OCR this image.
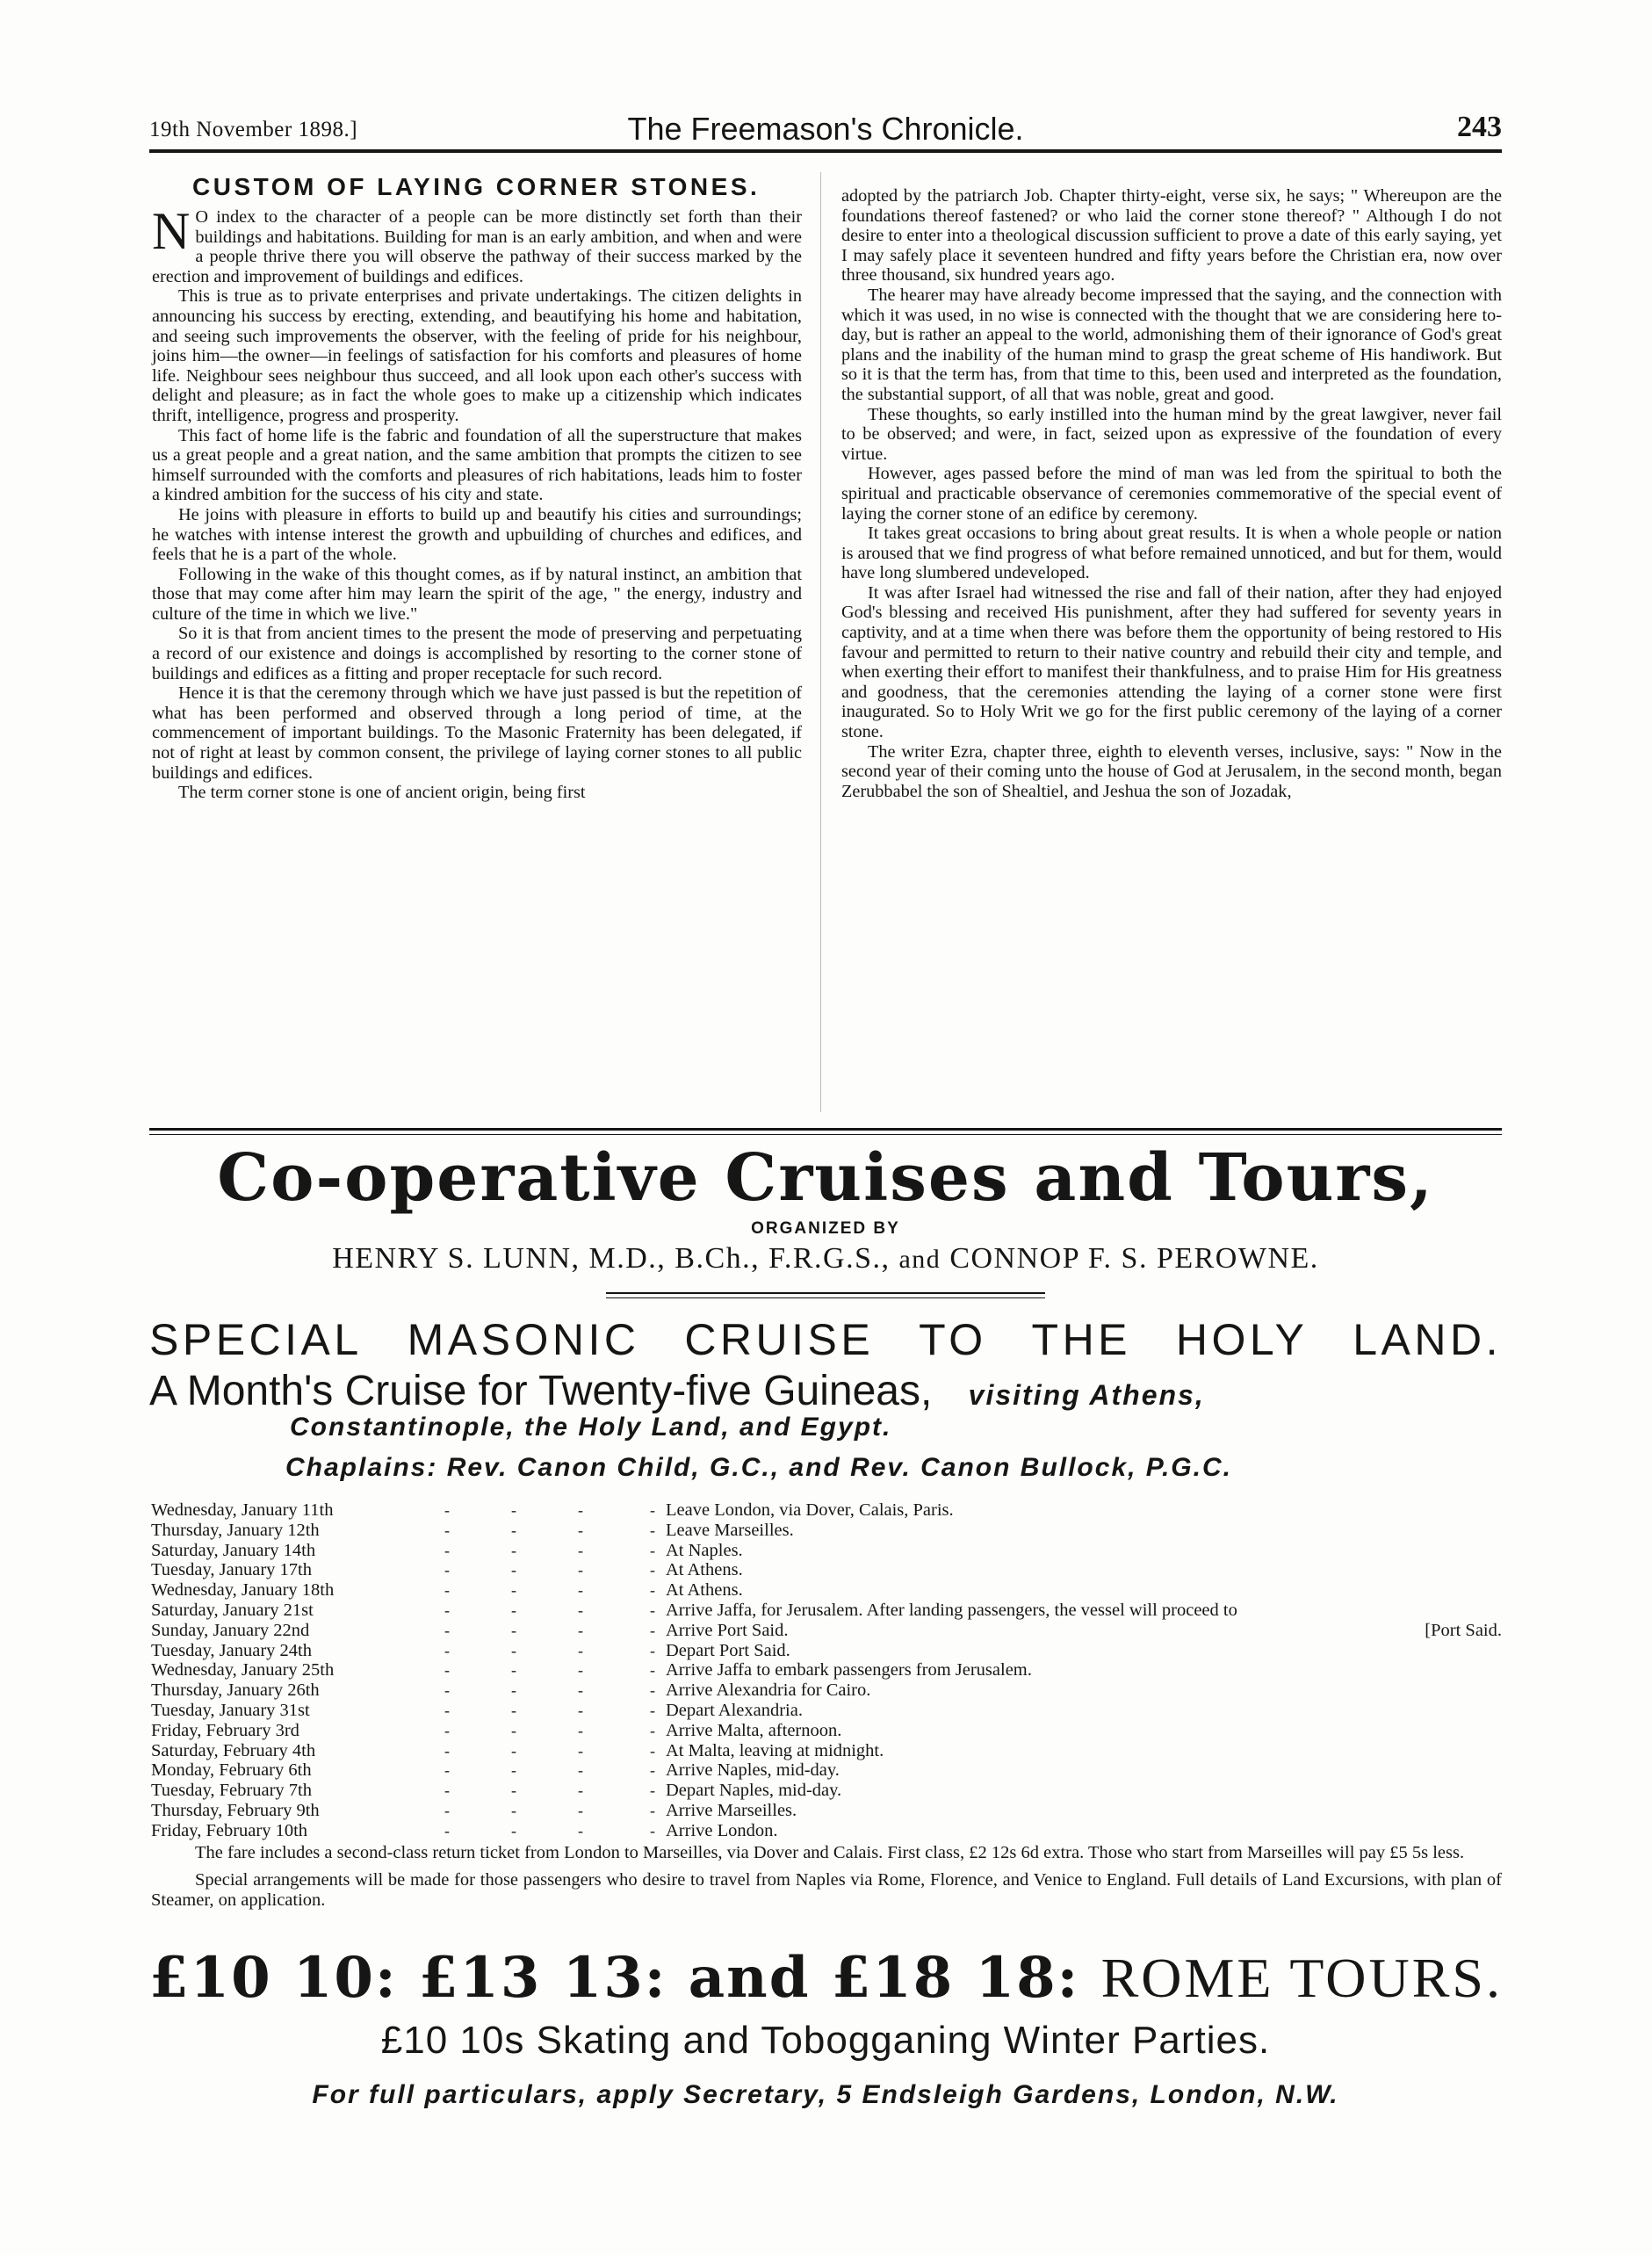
19th November 1898.]	The Freemason's Chronicle.	243
CUSTOM OF LAYING CORNER STONES.

N O index to the character of a people can be more distinctly set forth than their buildings and habitations. Building for man is an early ambition, and when and were a people thrive there you will observe the pathway of their success marked by the erection and improvement of buildings and edifices.

This is true as to private enterprises and private undertakings. The citizen delights in announcing his success by erecting, extending, and beautifying his home and habitation, and seeing such improvements the observer, with the feeling of pride for his neighbour, joins him—the owner—in feelings of satisfaction for his comforts and pleasures of home life. Neighbour sees neighbour thus succeed, and all look upon each other's success with delight and pleasure; as in fact the whole goes to make up a citizenship which indicates thrift, intelligence, progress and prosperity.

This fact of home life is the fabric and foundation of all the superstructure that makes us a great people and a great nation, and the same ambition that prompts the citizen to see himself surrounded with the comforts and pleasures of rich habitations, leads him to foster a kindred ambition for the success of his city and state.

He joins with pleasure in efforts to build up and beautify his cities and surroundings; he watches with intense interest the growth and upbuilding of churches and edifices, and feels that he is a part of the whole.

Following in the wake of this thought comes, as if by natural instinct, an ambition that those that may come after him may learn the spirit of the age, " the energy, industry and culture of the time in which we live."

So it is that from ancient times to the present the mode of preserving and perpetuating a record of our existence and doings is accomplished by resorting to the corner stone of buildings and edifices as a fitting and proper receptacle for such record.

Hence it is that the ceremony through which we have just passed is but the repetition of what has been performed and observed through a long period of time, at the commencement of important buildings. To the Masonic Fraternity has been delegated, if not of right at least by common consent, the privilege of laying corner stones to all public buildings and edifices.

The term corner stone is one of ancient origin, being first

adopted by the patriarch Job. Chapter thirty-eight, verse six, he says; " Whereupon are the foundations thereof fastened? or who laid the corner stone thereof? " Although I do not desire to enter into a theological discussion sufficient to prove a date of this early saying, yet I may safely place it seventeen hundred and fifty years before the Christian era, now over three thousand, six hundred years ago.

The hearer may have already become impressed that the saying, and the connection with which it was used, in no wise is connected with the thought that we are considering here to-day, but is rather an appeal to the world, admonishing them of their ignorance of God's great plans and the inability of the human mind to grasp the great scheme of His handiwork. But so it is that the term has, from that time to this, been used and interpreted as the foundation, the substantial support, of all that was noble, great and good.

These thoughts, so early instilled into the human mind by the great lawgiver, never fail to be observed; and were, in fact, seized upon as expressive of the foundation of every virtue.

However, ages passed before the mind of man was led from the spiritual to both the spiritual and practicable observance of ceremonies commemorative of the special event of laying the corner stone of an edifice by ceremony.

It takes great occasions to bring about great results. It is when a whole people or nation is aroused that we find progress of what before remained unnoticed, and but for them, would have long slumbered undeveloped.

It was after Israel had witnessed the rise and fall of their nation, after they had enjoyed God's blessing and received His punishment, after they had suffered for seventy years in captivity, and at a time when there was before them the opportunity of being restored to His favour and permitted to return to their native country and rebuild their city and temple, and when exerting their effort to manifest their thankfulness, and to praise Him for His greatness and goodness, that the ceremonies attending the laying of a corner stone were first inaugurated. So to Holy Writ we go for the first public ceremony of the laying of a corner stone.

The writer Ezra, chapter three, eighth to eleventh verses, inclusive, says: " Now in the second year of their coming unto the house of God at Jerusalem, in the second month, began Zerubbabel the son of Shealtiel, and Jeshua the son of Jozadak,

Co-operative Cruises and Tours,
ORGANIZED BY
HENRY S. LUNN, M.D., B.Ch., F.R.G.S., and CONNOP F. S. PEROWNE.
SPECIAL MASONIC CRUISE TO THE HOLY LAND.
A Month's Cruise for Twenty-five Guineas, visiting Athens,
Constantinople, the Holy Land, and Egypt.
Chaplains: Rev. Canon Child, G.C., and Rev. Canon Bullock, P.G.C.
Wednesday, January 11th	-	-	-	- Leave London, via Dover, Calais, Paris.
Thursday, January 12th	-	-	-	- Leave Marseilles.
Saturday, January 14th	-	-	-	- At Naples.
Tuesday, January 17th	-	-	-	- At Athens.
Wednesday, January 18th	-	-	-	- At Athens.
Saturday, January 21st	-	-	-	- Arrive Jaffa, for Jerusalem. After landing passengers, the vessel will proceed to
Sunday, January 22nd	-	-	-	- Arrive Port Said.	[Port Said.
Tuesday, January 24th	-	-	-	- Depart Port Said.
Wednesday, January 25th	-	-	-	- Arrive Jaffa to embark passengers from Jerusalem.
Thursday, January 26th	-	-	-	- Arrive Alexandria for Cairo.
Tuesday, January 31st	-	-	-	- Depart Alexandria.
Friday, February 3rd	-	-	-	- Arrive Malta, afternoon.
Saturday, February 4th	-	-	-	- At Malta, leaving at midnight.
Monday, February 6th	-	-	-	- Arrive Naples, mid-day.
Tuesday, February 7th	-	-	-	- Depart Naples, mid-day.
Thursday, February 9th	-	-	-	- Arrive Marseilles.
Friday, February 10th	-	-	-	- Arrive London.

The fare includes a second-class return ticket from London to Marseilles, via Dover and Calais. First class, £2 12s 6d extra. Those who start from Marseilles will pay £5 5s less.

Special arrangements will be made for those passengers who desire to travel from Naples via Rome, Florence, and Venice to England. Full details of Land Excursions, with plan of Steamer, on application.

£10 10: £13 13: and £18 18: ROME TOURS.
£10 10s Skating and Tobogganing Winter Parties.
For full particulars, apply Secretary, 5 Endsleigh Gardens, London, N.W.
